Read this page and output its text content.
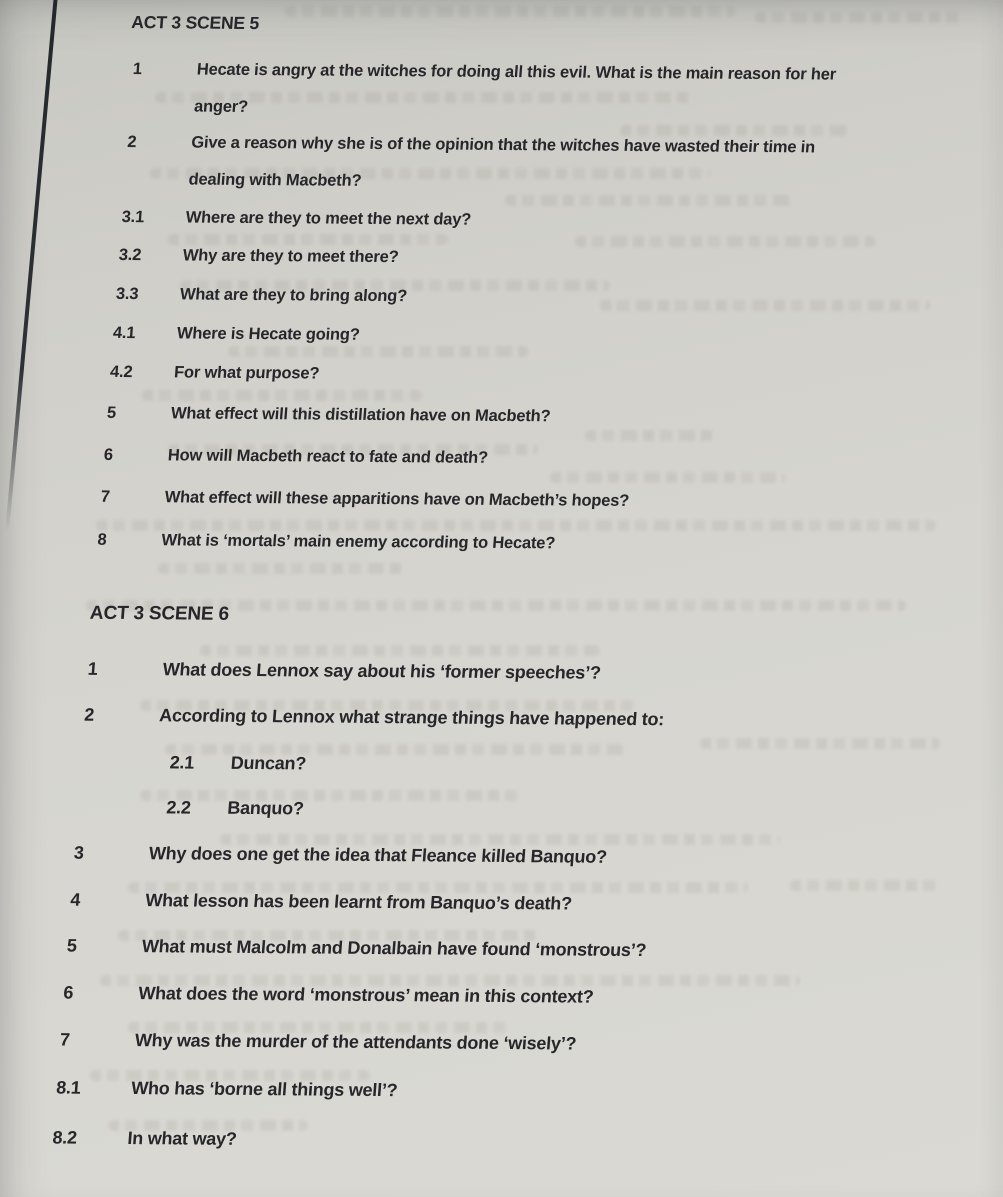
ACT 3 SCENE 5
1	Hecate is angry at the witches for doing all this evil. What is the main reason for her
anger?
2	Give a reason why she is of the opinion that the witches have wasted their time in
dealing with Macbeth?
3.1	Where are they to meet the next day?
3.2	Why are they to meet there?
3.3	What are they to bring along?
4.1	Where is Hecate going?
4.2	For what purpose?
5	What effect will this distillation have on Macbeth?
6	How will Macbeth react to fate and death?
7	What effect will these apparitions have on Macbeth’s hopes?
8	What is ‘mortals’ main enemy according to Hecate?
ACT 3 SCENE 6
1	What does Lennox say about his ‘former speeches’?
2	According to Lennox what strange things have happened to:
2.1	Duncan?
2.2	Banquo?
3	Why does one get the idea that Fleance killed Banquo?
4	What lesson has been learnt from Banquo’s death?
5	What must Malcolm and Donalbain have found ‘monstrous’?
6	What does the word ‘monstrous’ mean in this context?
7	Why was the murder of the attendants done ‘wisely’?
8.1	Who has ‘borne all things well’?
8.2	In what way?
